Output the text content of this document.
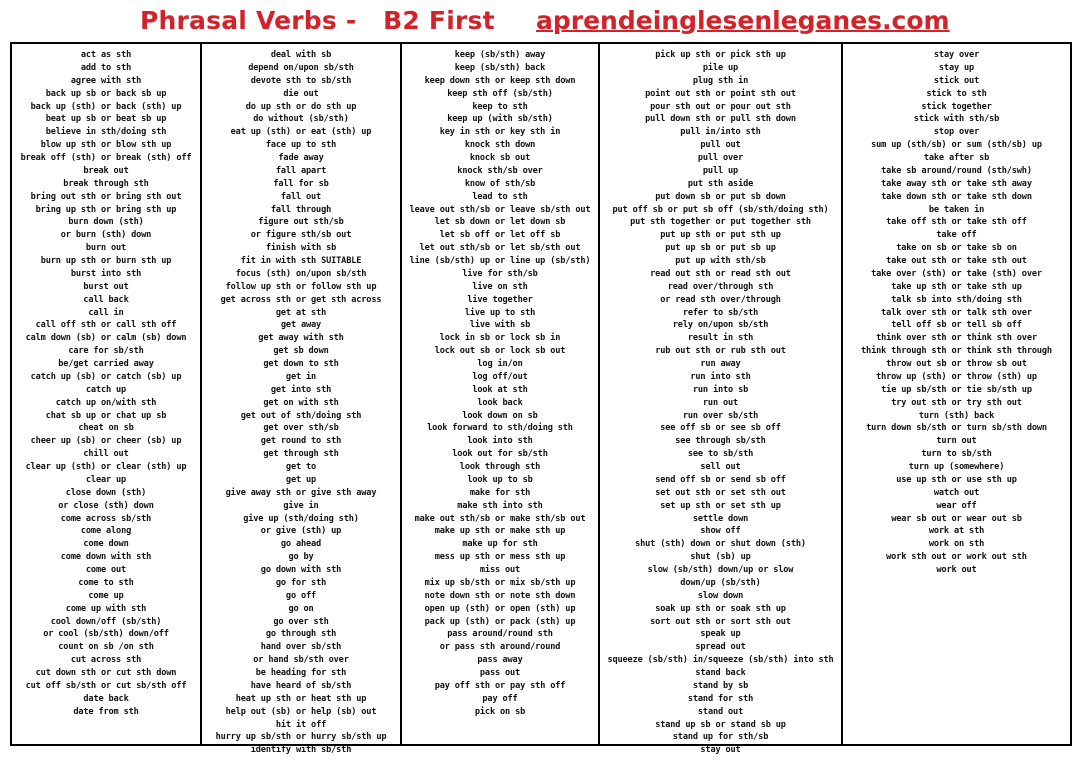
Phrasal Verbs -   B2 First aprendeinglesenleganes.com
act as sth
add to sth
agree with sth
back up sb or back sb up
back up (sth) or back (sth) up
beat up sb or beat sb up
believe in sth/doing sth
blow up sth or blow sth up
break off (sth) or break (sth) off
break out
break through sth
bring out sth or bring sth out
bring up sth or bring sth up
burn down (sth)
or burn (sth) down
burn out
burn up sth or burn sth up
burst into sth
burst out
call back
call in
call off sth or call sth off
calm down (sb) or calm (sb) down
care for sb/sth
be/get carried away
catch up (sb) or catch (sb) up
catch up
catch up on/with sth
chat sb up or chat up sb
cheat on sb
cheer up (sb) or cheer (sb) up
chill out
clear up (sth) or clear (sth) up
clear up
close down (sth)
or close (sth) down
come across sb/sth
come along
come down
come down with sth
come out
come to sth
come up
come up with sth
cool down/off (sb/sth)
or cool (sb/sth) down/off
count on sb /on sth
cut across sth
cut down sth or cut sth down
cut off sb/sth or cut sb/sth off
date back
date from sth
deal with sb
depend on/upon sb/sth
devote sth to sb/sth
die out
do up sth or do sth up
do without (sb/sth)
eat up (sth) or eat (sth) up
face up to sth
fade away
fall apart
fall for sb
fall out
fall through
figure out sth/sb
or figure sth/sb out
finish with sb
fit in with sth SUITABLE
focus (sth) on/upon sb/sth
follow up sth or follow sth up
get across sth or get sth across
get at sth
get away
get away with sth
get sb down
get down to sth
get in
get into sth
get on with sth
get out of sth/doing sth
get over sth/sb
get round to sth
get through sth
get to
get up
give away sth or give sth away
give in
give up (sth/doing sth)
or give (sth) up
go ahead
go by
go down with sth
go for sth
go off
go on
go over sth
go through sth
hand over sb/sth
or hand sb/sth over
be heading for sth
have heard of sb/sth
heat up sth or heat sth up
help out (sb) or help (sb) out
hit it off
hurry up sb/sth or hurry sb/sth up
identify with sb/sth
keep (sb/sth) away
keep (sb/sth) back
keep down sth or keep sth down
keep sth off (sb/sth)
keep to sth
keep up (with sb/sth)
key in sth or key sth in
knock sth down
knock sb out
knock sth/sb over
know of sth/sb
lead to sth
leave out sth/sb or leave sb/sth out
let sb down or let down sb
let sb off or let off sb
let out sth/sb or let sb/sth out
line (sb/sth) up or line up (sb/sth)
live for sth/sb
live on sth
live together
live up to sth
live with sb
lock in sb or lock sb in
lock out sb or lock sb out
log in/on
log off/out
look at sth
look back
look down on sb
look forward to sth/doing sth
look into sth
look out for sb/sth
look through sth
look up to sb
make for sth
make sth into sth
make out sth/sb or make sth/sb out
make up sth or make sth up
make up for sth
mess up sth or mess sth up
miss out
mix up sb/sth or mix sb/sth up
note down sth or note sth down
open up (sth) or open (sth) up
pack up (sth) or pack (sth) up
pass around/round sth
or pass sth around/round
pass away
pass out
pay off sth or pay sth off
pay off
pick on sb
pick up sth or pick sth up
pile up
plug sth in
point out sth or point sth out
pour sth out or pour out sth
pull down sth or pull sth down
pull in/into sth
pull out
pull over
pull up
put sth aside
put down sb or put sb down
put off sb or put sb off (sb/sth/doing sth)
put sth together or put together sth
put up sth or put sth up
put up sb or put sb up
put up with sth/sb
read out sth or read sth out
read over/through sth
or read sth over/through
refer to sb/sth
rely on/upon sb/sth
result in sth
rub out sth or rub sth out
run away
run into sth
run into sb
run out
run over sb/sth
see off sb or see sb off
see through sb/sth
see to sb/sth
sell out
send off sb or send sb off
set out sth or set sth out
set up sth or set sth up
settle down
show off
shut (sth) down or shut down (sth)
shut (sb) up
slow (sb/sth) down/up or slow
down/up (sb/sth)
slow down
soak up sth or soak sth up
sort out sth or sort sth out
speak up
spread out
squeeze (sb/sth) in/squeeze (sb/sth) into sth
stand back
stand by sb
stand for sth
stand out
stand up sb or stand sb up
stand up for sth/sb
stay out
stay over
stay up
stick out
stick to sth
stick together
stick with sth/sb
stop over
sum up (sth/sb) or sum (sth/sb) up
take after sb
take sb around/round (sth/swh)
take away sth or take sth away
take down sth or take sth down
be taken in
take off sth or take sth off
take off
take on sb or take sb on
take out sth or take sth out
take over (sth) or take (sth) over
take up sth or take sth up
talk sb into sth/doing sth
talk over sth or talk sth over
tell off sb or tell sb off
think over sth or think sth over
think through sth or think sth through
throw out sb or throw sb out
throw up (sth) or throw (sth) up
tie up sb/sth or tie sb/sth up
try out sth or try sth out
turn (sth) back
turn down sb/sth or turn sb/sth down
turn out
turn to sb/sth
turn up (somewhere)
use up sth or use sth up
watch out
wear off
wear sb out or wear out sb
work at sth
work on sth
work sth out or work out sth
work out
